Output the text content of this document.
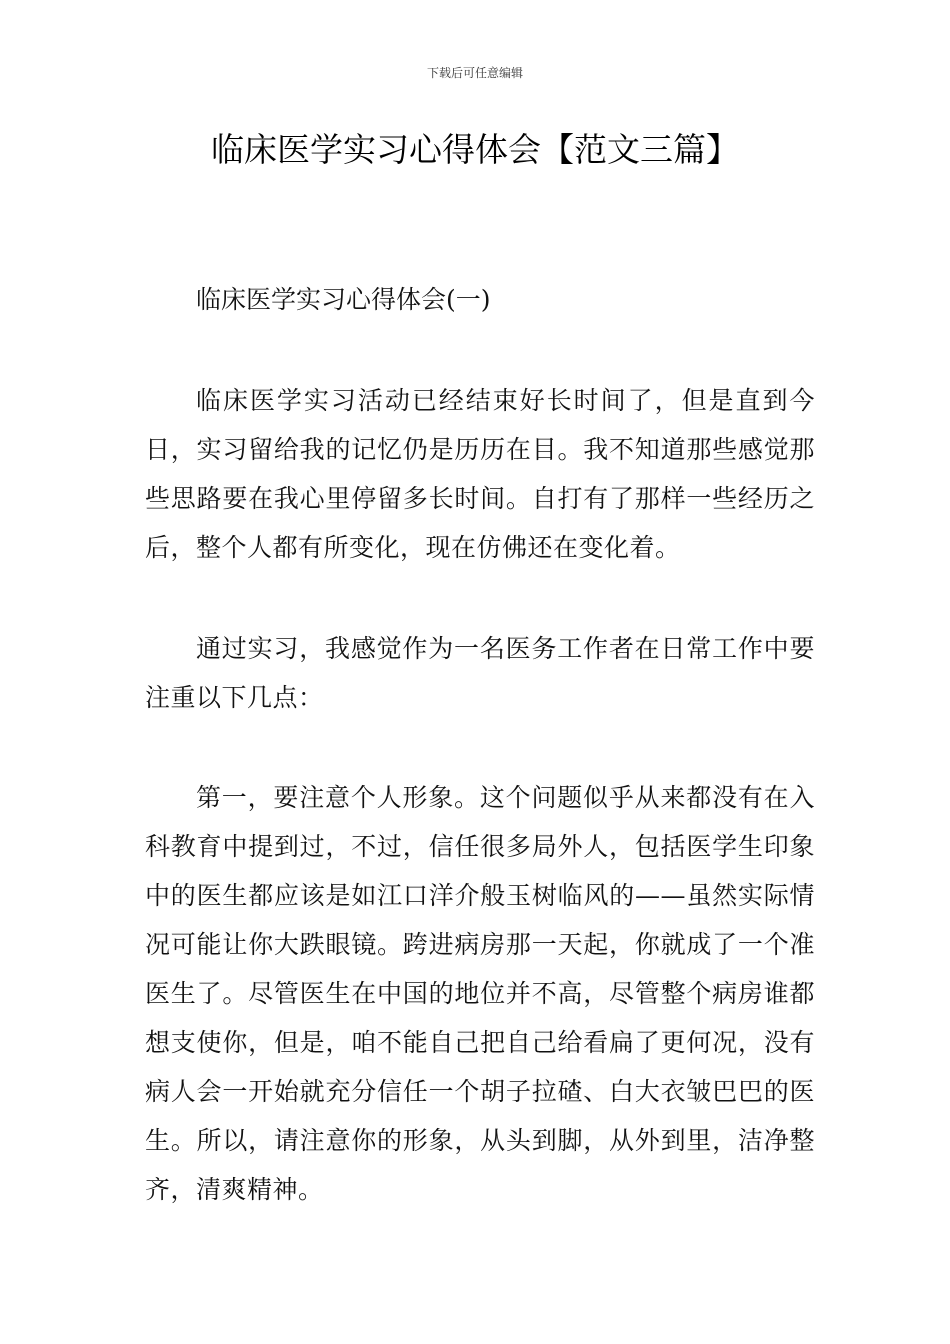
下载后可任意编辑
临床医学实习心得体会【范文三篇】
临床医学实习心得体会(一)

临床医学实习活动已经结束好长时间了，但是直到今日，实习留给我的记忆仍是历历在目。我不知道那些感觉那些思路要在我心里停留多长时间。自打有了那样一些经历之后，整个人都有所变化，现在仿佛还在变化着。

通过实习，我感觉作为一名医务工作者在日常工作中要注重以下几点：

第一，要注意个人形象。这个问题似乎从来都没有在入科教育中提到过，不过，信任很多局外人，包括医学生印象中的医生都应该是如江口洋介般玉树临风的——虽然实际情况可能让你大跌眼镜。跨进病房那一天起，你就成了一个准医生了。尽管医生在中国的地位并不高，尽管整个病房谁都想支使你，但是，咱不能自己把自己给看扁了更何况，没有病人会一开始就充分信任一个胡子拉碴、白大衣皱巴巴的医生。所以，请注意你的形象，从头到脚，从外到里，洁净整齐，清爽精神。
